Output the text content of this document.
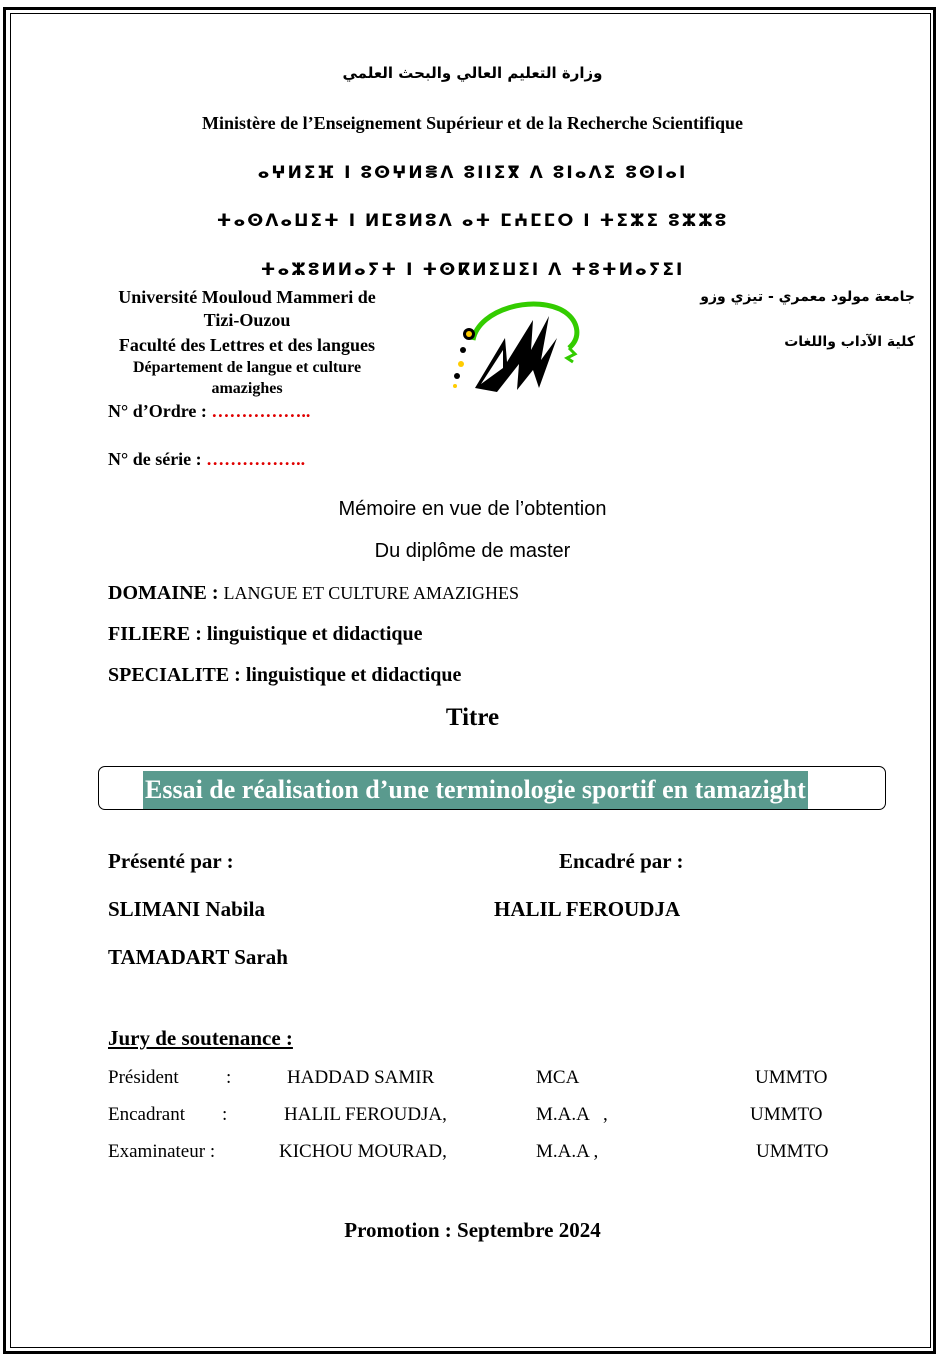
وزارة التعليم العالي والبحث العلمي
Ministère de l’Enseignement Supérieur et de la Recherche Scientifique
ⴰⵖⵍⵉⴼ ⵏ ⵓⵙⵖⵍⴻⴷ ⵓⵏⵏⵉⴳ ⴷ ⵓⵏⴰⴷⵉ ⵓⵙⵏⴰⵏ
ⵜⴰⵙⴷⴰⵡⵉⵜ ⵏ ⵍⵎⵓⵍⵓⴷ ⴰⵜ ⵎⵄⵎⵎⵔ ⵏ ⵜⵉⵣⵉ ⵓⵣⵣⵓ
ⵜⴰⵣⵓⵍⵍⴰⵢⵜ ⵏ ⵜⵙⴽⵍⵉⵡⵉⵏ ⴷ ⵜⵓⵜⵍⴰⵢⵉⵏ
Université Mouloud Mammeri de
Tizi-Ouzou
Faculté des Lettres et des langues
Département de langue et culture
amazighes
جامعة مولود معمري - تيزي وزو
كلية الآداب واللغات
N° d’Ordre : ……………..
N° de série : ……………..
Mémoire en vue de l’obtention
Du diplôme de master
DOMAINE : LANGUE ET CULTURE AMAZIGHES
FILIERE : linguistique et didactique
SPECIALITE : linguistique et didactique
Titre
Essai de réalisation d’une terminologie sportif en tamazight
Présenté par :	Encadré par :
SLIMANI Nabila	HALIL FEROUDJA
TAMADART Sarah
Jury de soutenance :
Président :	HADDAD SAMIR	MCA	UMMTO
Encadrant :	HALIL FEROUDJA,	M.A.A   ,	UMMTO
Examinateur :	KICHOU MOURAD,	M.A.A ,	UMMTO
Promotion : Septembre 2024
